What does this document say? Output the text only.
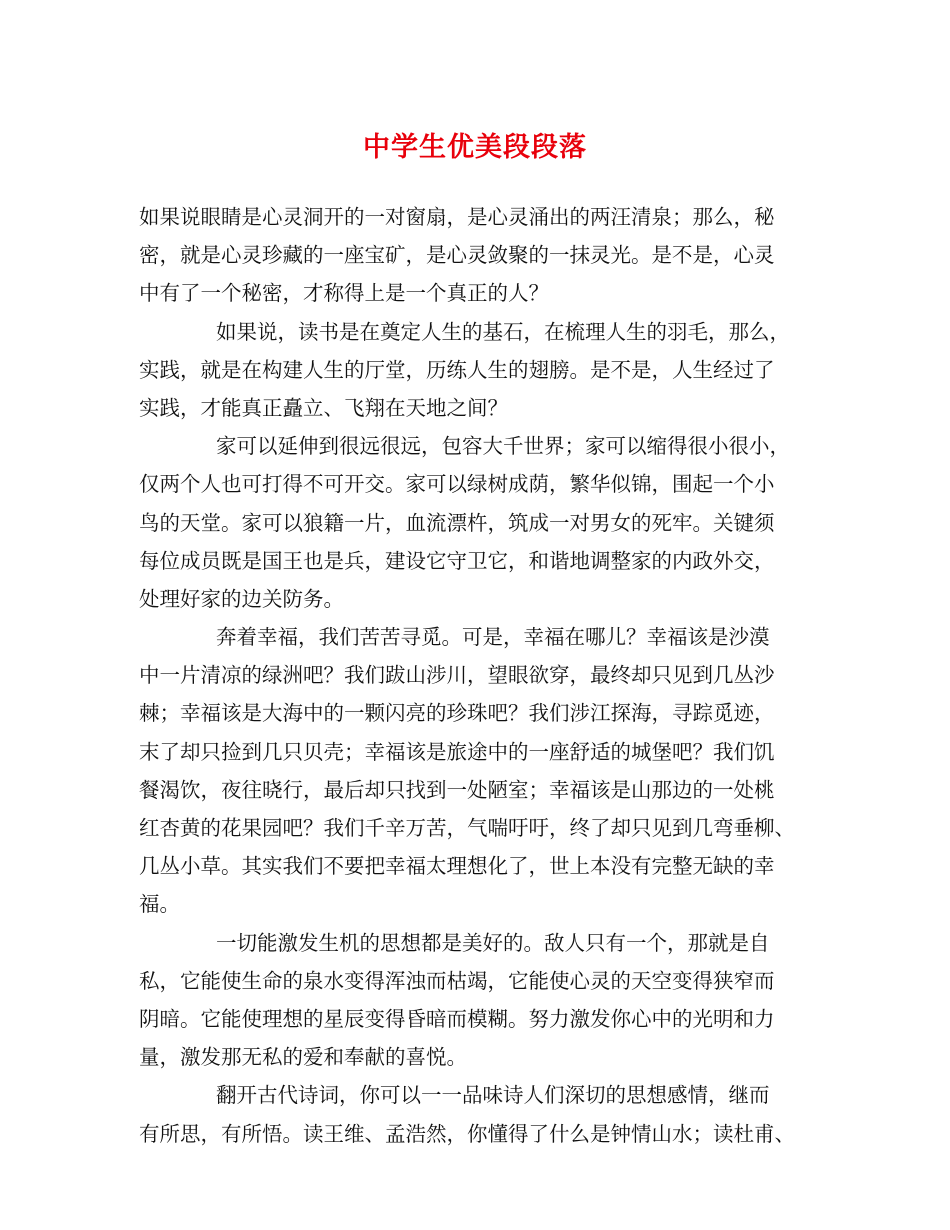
中学生优美段段落
如果说眼睛是心灵洞开的一对窗扇，是心灵涌出的两汪清泉；那么，秘
密，就是心灵珍藏的一座宝矿，是心灵敛聚的一抹灵光。是不是，心灵
中有了一个秘密，才称得上是一个真正的人？
如果说，读书是在奠定人生的基石，在梳理人生的羽毛，那么，
实践，就是在构建人生的厅堂，历练人生的翅膀。是不是，人生经过了
实践，才能真正矗立、飞翔在天地之间？
家可以延伸到很远很远，包容大千世界；家可以缩得很小很小，
仅两个人也可打得不可开交。家可以绿树成荫，繁华似锦，围起一个小
鸟的天堂。家可以狼籍一片，血流漂杵，筑成一对男女的死牢。关键须
每位成员既是国王也是兵，建设它守卫它，和谐地调整家的内政外交，
处理好家的边关防务。
奔着幸福，我们苦苦寻觅。可是，幸福在哪儿？幸福该是沙漠
中一片清凉的绿洲吧？我们跋山涉川，望眼欲穿，最终却只见到几丛沙
棘；幸福该是大海中的一颗闪亮的珍珠吧？我们涉江探海，寻踪觅迹，
末了却只捡到几只贝壳；幸福该是旅途中的一座舒适的城堡吧？我们饥
餐渴饮，夜往晓行，最后却只找到一处陋室；幸福该是山那边的一处桃
红杏黄的花果园吧？我们千辛万苦，气喘吁吁，终了却只见到几弯垂柳、
几丛小草。其实我们不要把幸福太理想化了，世上本没有完整无缺的幸
福。
一切能激发生机的思想都是美好的。敌人只有一个，那就是自
私，它能使生命的泉水变得浑浊而枯竭，它能使心灵的天空变得狭窄而
阴暗。它能使理想的星辰变得昏暗而模糊。努力激发你心中的光明和力
量，激发那无私的爱和奉献的喜悦。
翻开古代诗词，你可以一一品味诗人们深切的思想感情，继而
有所思，有所悟。读王维、孟浩然，你懂得了什么是钟情山水；读杜甫、
